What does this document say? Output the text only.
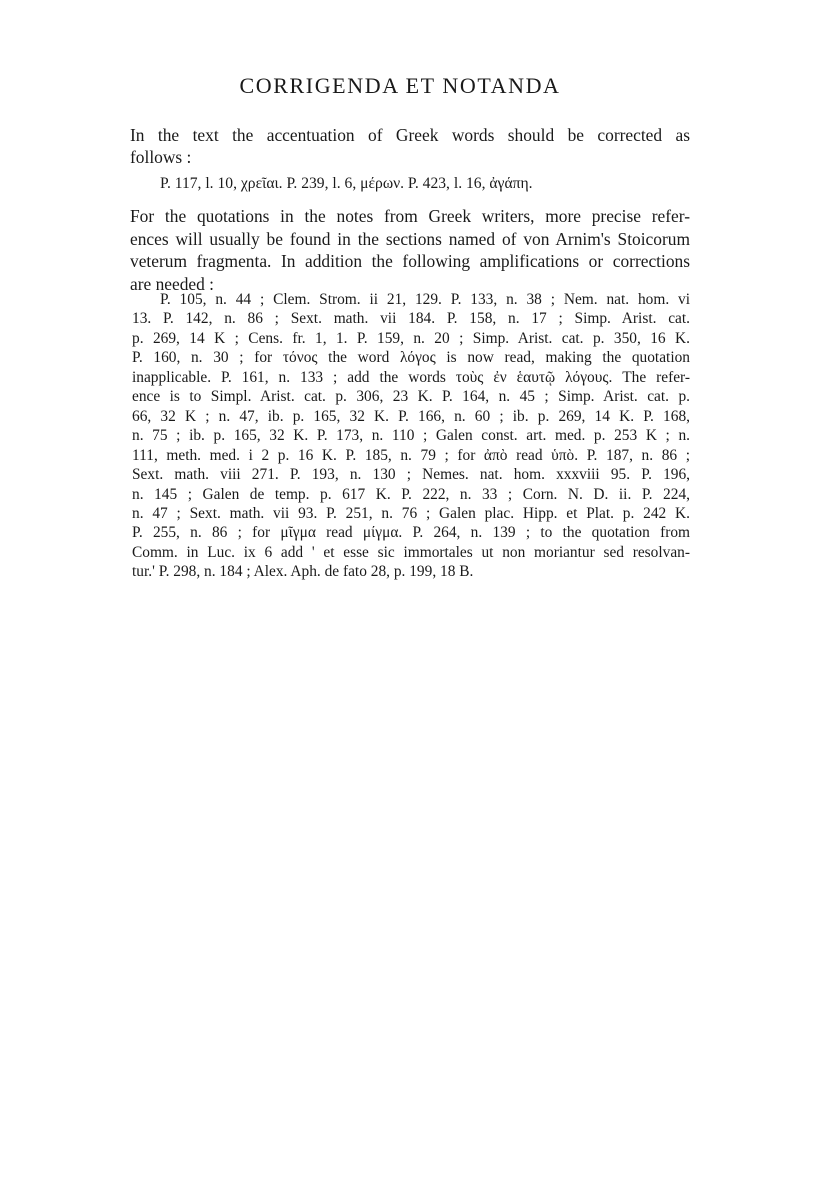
CORRIGENDA ET NOTANDA
In the text the accentuation of Greek words should be corrected as
follows :
P. 117, l. 10, χρεῖαι. P. 239, l. 6, μέρων. P. 423, l. 16, ἀγάπη.
For the quotations in the notes from Greek writers, more precise refer-
ences will usually be found in the sections named of von Arnim's Stoicorum
veterum fragmenta. In addition the following amplifications or corrections
are needed :
P. 105, n. 44 ; Clem. Strom. ii 21, 129. P. 133, n. 38 ; Nem. nat. hom. vi
13. P. 142, n. 86 ; Sext. math. vii 184. P. 158, n. 17 ; Simp. Arist. cat.
p. 269, 14 K ; Cens. fr. 1, 1. P. 159, n. 20 ; Simp. Arist. cat. p. 350, 16 K.
P. 160, n. 30 ; for τόνος the word λόγος is now read, making the quotation
inapplicable. P. 161, n. 133 ; add the words τοὺς ἐν ἑαυτῷ λόγους. The refer-
ence is to Simpl. Arist. cat. p. 306, 23 K. P. 164, n. 45 ; Simp. Arist. cat. p.
66, 32 K ; n. 47, ib. p. 165, 32 K. P. 166, n. 60 ; ib. p. 269, 14 K. P. 168,
n. 75 ; ib. p. 165, 32 K. P. 173, n. 110 ; Galen const. art. med. p. 253 K ; n.
111, meth. med. i 2 p. 16 K. P. 185, n. 79 ; for ἀπὸ read ὑπὸ. P. 187, n. 86 ;
Sext. math. viii 271. P. 193, n. 130 ; Nemes. nat. hom. xxxviii 95. P. 196,
n. 145 ; Galen de temp. p. 617 K. P. 222, n. 33 ; Corn. N. D. ii. P. 224,
n. 47 ; Sext. math. vii 93. P. 251, n. 76 ; Galen plac. Hipp. et Plat. p. 242 K.
P. 255, n. 86 ; for μῖγμα read μίγμα. P. 264, n. 139 ; to the quotation from
Comm. in Luc. ix 6 add ' et esse sic immortales ut non moriantur sed resolvan-
tur.' P. 298, n. 184 ; Alex. Aph. de fato 28, p. 199, 18 B.
